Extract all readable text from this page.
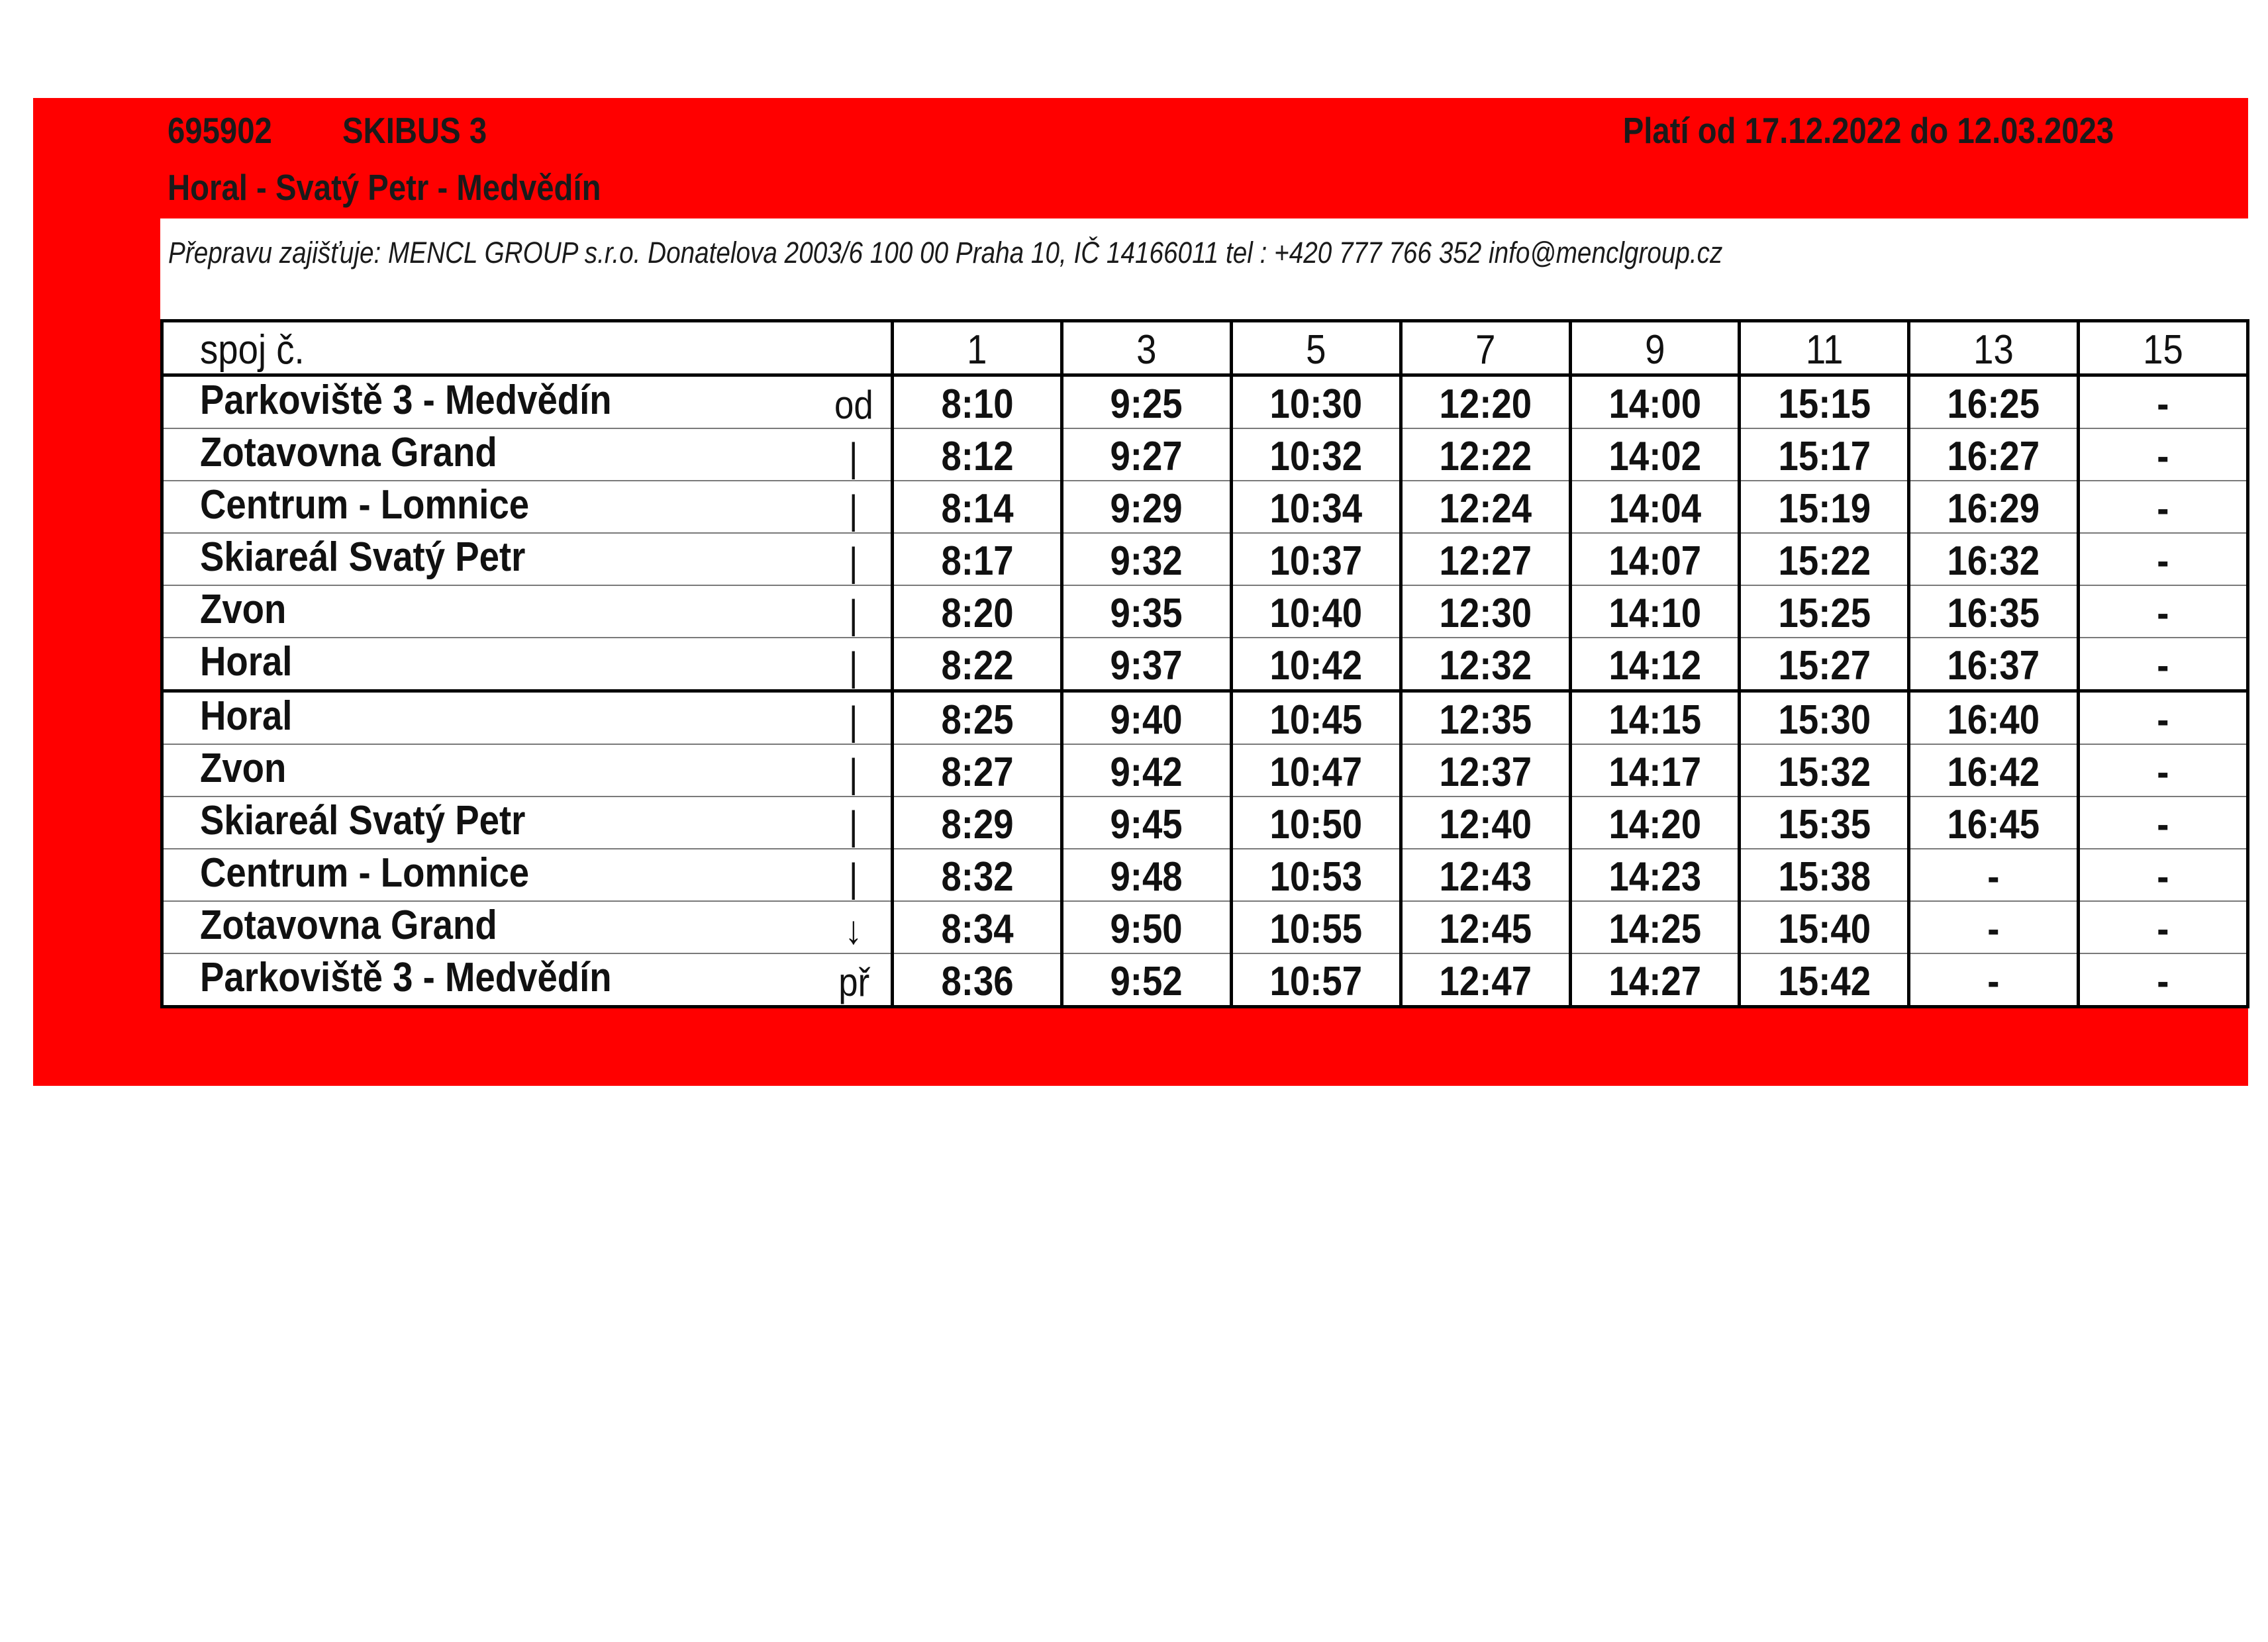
695902 SKIBUS 3	Platí od 17.12.2022 do 12.03.2023
Horal - Svatý Petr - Medvědín
Přepravu zajišťuje: MENCL GROUP s.r.o. Donatelova 2003/6 100 00 Praha 10, IČ 14166011 tel : +420 777 766 352 info@menclgroup.cz
spoj č.		1	3	5	7	9	11	13	15
Parkoviště 3 - Medvědín	od	8:10	9:25	10:30	12:20	14:00	15:15	16:25	-
Zotavovna Grand	|	8:12	9:27	10:32	12:22	14:02	15:17	16:27	-
Centrum - Lomnice	|	8:14	9:29	10:34	12:24	14:04	15:19	16:29	-
Skiareál Svatý Petr	|	8:17	9:32	10:37	12:27	14:07	15:22	16:32	-
Zvon	|	8:20	9:35	10:40	12:30	14:10	15:25	16:35	-
Horal	|	8:22	9:37	10:42	12:32	14:12	15:27	16:37	-
Horal	|	8:25	9:40	10:45	12:35	14:15	15:30	16:40	-
Zvon	|	8:27	9:42	10:47	12:37	14:17	15:32	16:42	-
Skiareál Svatý Petr	|	8:29	9:45	10:50	12:40	14:20	15:35	16:45	-
Centrum - Lomnice	|	8:32	9:48	10:53	12:43	14:23	15:38	-	-
Zotavovna Grand	↓	8:34	9:50	10:55	12:45	14:25	15:40	-	-
Parkoviště 3 - Medvědín	př	8:36	9:52	10:57	12:47	14:27	15:42	-	-
